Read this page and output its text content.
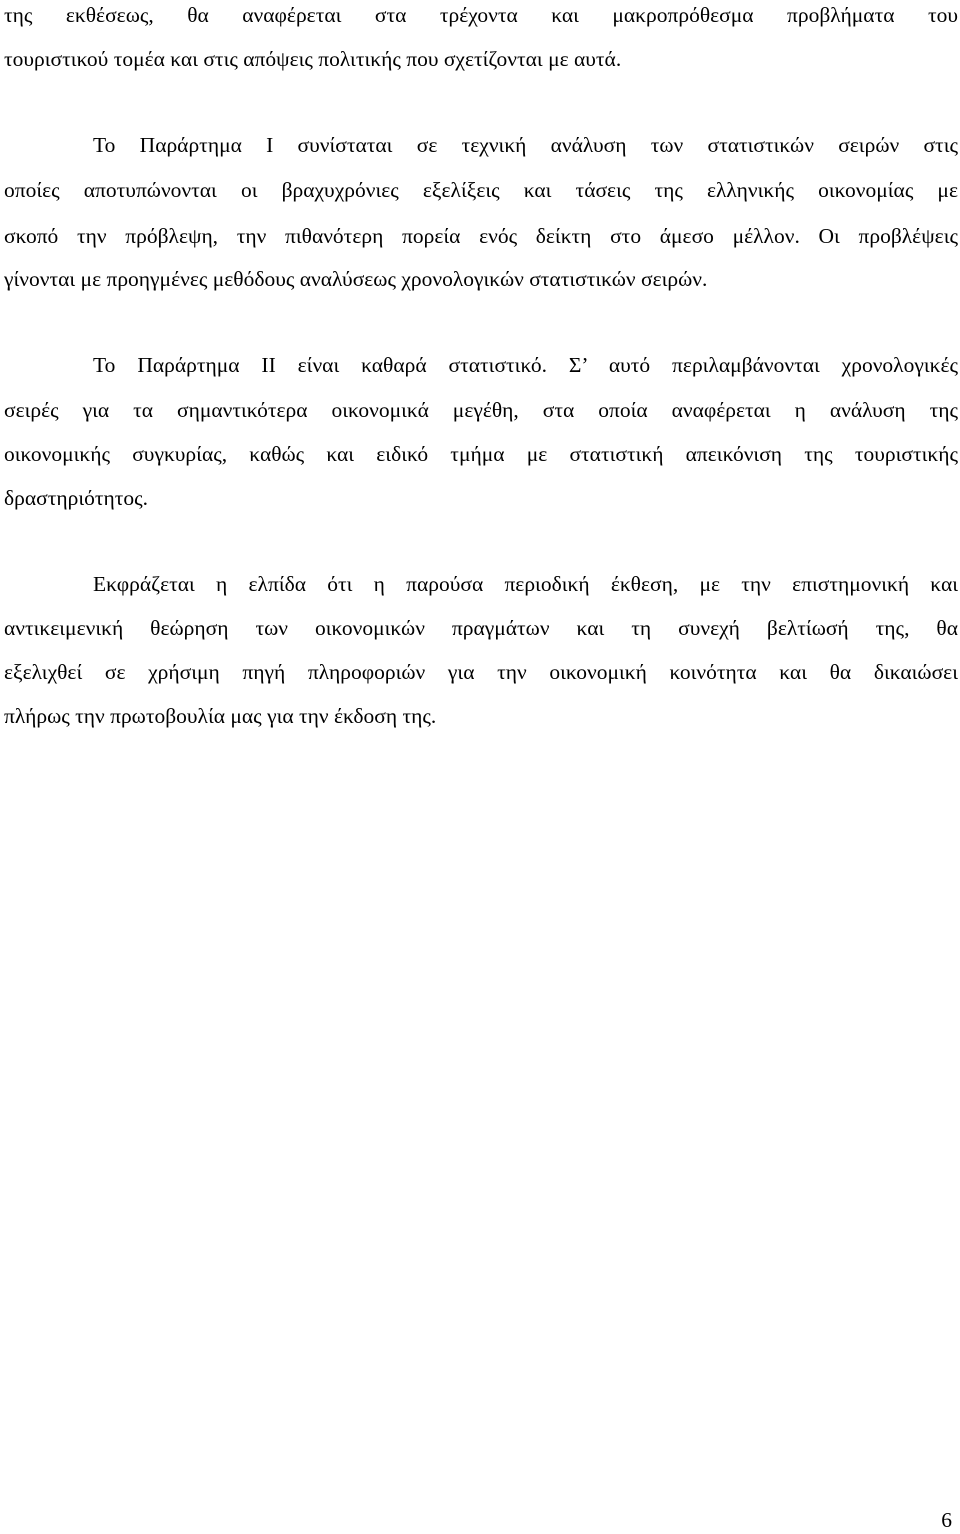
της εκθέσεως, θα αναφέρεται στα τρέχοντα και μακροπρόθεσμα προβλήματα του
τουριστικού τομέα και στις απόψεις πολιτικής που σχετίζονται με αυτά.
Το Παράρτημα Ι συνίσταται σε τεχνική ανάλυση των στατιστικών σειρών στις
οποίες αποτυπώνονται οι βραχυχρόνιες εξελίξεις και τάσεις της ελληνικής οικονομίας με
σκοπό την πρόβλεψη, την πιθανότερη πορεία ενός δείκτη στο άμεσο μέλλον. Οι προβλέψεις
γίνονται με προηγμένες μεθόδους αναλύσεως χρονολογικών στατιστικών σειρών.
Το Παράρτημα ΙΙ είναι καθαρά στατιστικό. Σ’ αυτό περιλαμβάνονται χρονολογικές
σειρές για τα σημαντικότερα οικονομικά μεγέθη, στα οποία αναφέρεται η ανάλυση της
οικονομικής συγκυρίας, καθώς και ειδικό τμήμα με στατιστική απεικόνιση της τουριστικής
δραστηριότητος.
Εκφράζεται η ελπίδα ότι η παρούσα περιοδική έκθεση, με την επιστημονική και
αντικειμενική θεώρηση των οικονομικών πραγμάτων και τη συνεχή βελτίωσή της, θα
εξελιχθεί σε χρήσιμη πηγή πληροφοριών για την οικονομική κοινότητα και θα δικαιώσει
πλήρως την πρωτοβουλία μας για την έκδοση της.
6
